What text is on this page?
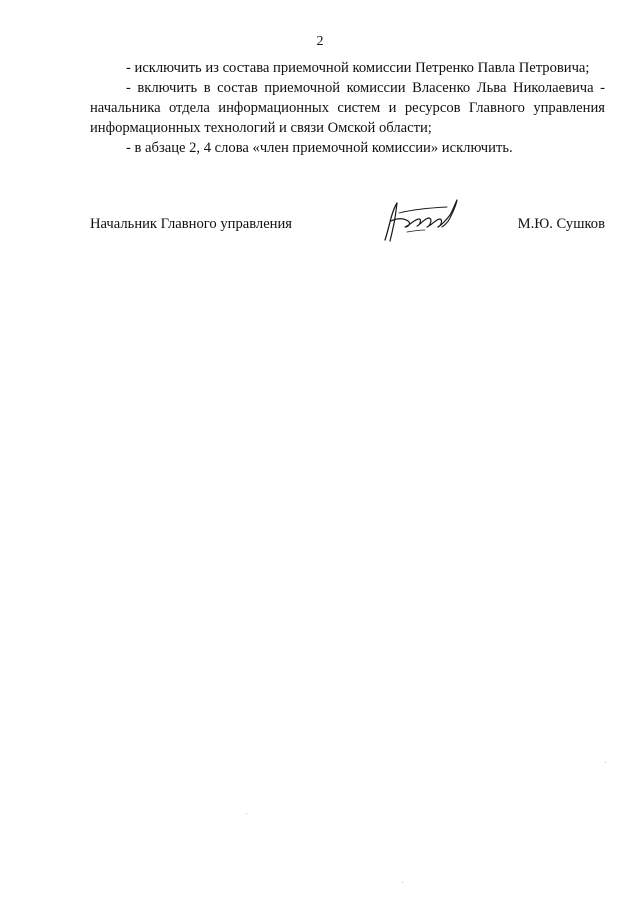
2

- исключить из состава приемочной комиссии Петренко Павла Петровича;

- включить в состав приемочной комиссии Власенко Льва Николаевича - начальника отдела информационных систем и ресурсов Главного управления информационных технологий и связи Омской области;

- в абзаце 2, 4 слова «член приемочной комиссии» исключить.

Начальник Главного управления	М.Ю. Сушков
